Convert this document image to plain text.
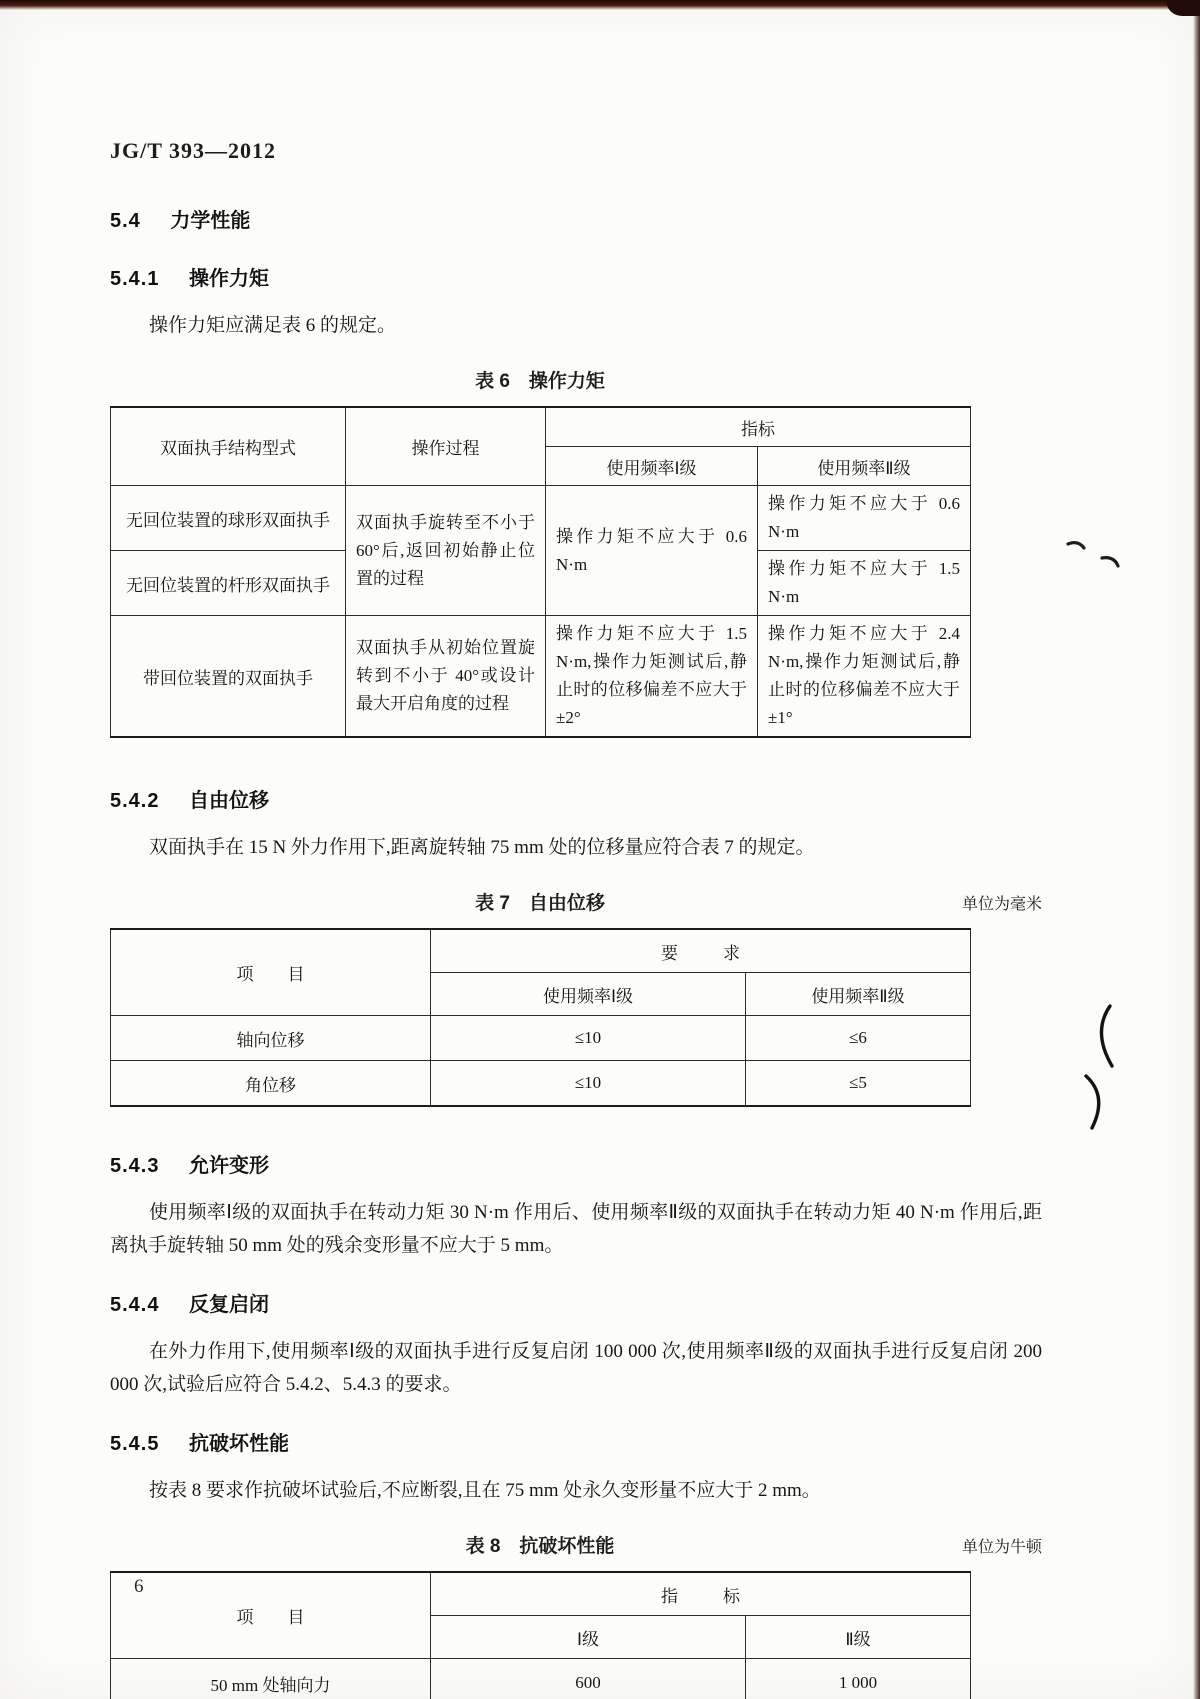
JG/T 393—2012
5.4 力学性能
5.4.1 操作力矩

操作力矩应满足表 6 的规定。

表 6　操作力矩
双面执手结构型式	操作过程	指标	
		使用频率Ⅰ级	使用频率Ⅱ级
无回位装置的球形双面执手	双面执手旋转至不小于60°后,返回初始静止位置的过程	操作力矩不应大于 0.6 N·m	操作力矩不应大于 0.6 N·m
无回位装置的杆形双面执手			操作力矩不应大于 1.5 N·m
带回位装置的双面执手	双面执手从初始位置旋转到不小于 40°或设计最大开启角度的过程	操作力矩不应大于 1.5 N·m,操作力矩测试后,静止时的位移偏差不应大于±2°	操作力矩不应大于 2.4 N·m,操作力矩测试后,静止时的位移偏差不应大于±1°
5.4.2 自由位移

双面执手在 15 N 外力作用下,距离旋转轴 75 mm 处的位移量应符合表 7 的规定。

表 7　自由位移	单位为毫米
项　　目	要　求	
	使用频率Ⅰ级	使用频率Ⅱ级
轴向位移	≤10	≤6
角位移	≤10	≤5
5.4.3 允许变形

使用频率Ⅰ级的双面执手在转动力矩 30 N·m 作用后、使用频率Ⅱ级的双面执手在转动力矩 40 N·m 作用后,距离执手旋转轴 50 mm 处的残余变形量不应大于 5 mm。

5.4.4 反复启闭

在外力作用下,使用频率Ⅰ级的双面执手进行反复启闭 100 000 次,使用频率Ⅱ级的双面执手进行反复启闭 200 000 次,试验后应符合 5.4.2、5.4.3 的要求。

5.4.5 抗破坏性能

按表 8 要求作抗破坏试验后,不应断裂,且在 75 mm 处永久变形量不应大于 2 mm。

表 8　抗破坏性能	单位为牛顿
项　　目	指　标	
	Ⅰ级	Ⅱ级
50 mm 处轴向力	600	1 000
6
